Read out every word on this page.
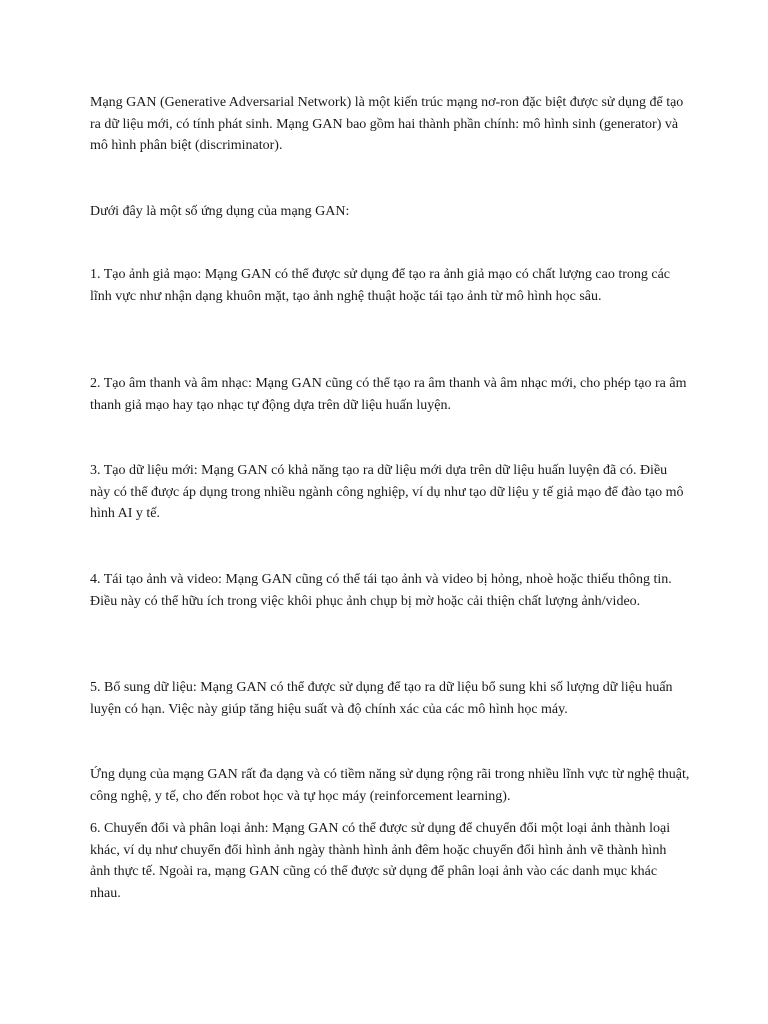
Mạng GAN (Generative Adversarial Network) là một kiến trúc mạng nơ-ron đặc biệt được sử dụng để tạo ra dữ liệu mới, có tính phát sinh. Mạng GAN bao gồm hai thành phần chính: mô hình sinh (generator) và mô hình phân biệt (discriminator).

Dưới đây là một số ứng dụng của mạng GAN:

1. Tạo ảnh giả mạo: Mạng GAN có thể được sử dụng để tạo ra ảnh giả mạo có chất lượng cao trong các lĩnh vực như nhận dạng khuôn mặt, tạo ảnh nghệ thuật hoặc tái tạo ảnh từ mô hình học sâu.

2. Tạo âm thanh và âm nhạc: Mạng GAN cũng có thể tạo ra âm thanh và âm nhạc mới, cho phép tạo ra âm thanh giả mạo hay tạo nhạc tự động dựa trên dữ liệu huấn luyện.

3. Tạo dữ liệu mới: Mạng GAN có khả năng tạo ra dữ liệu mới dựa trên dữ liệu huấn luyện đã có. Điều này có thể được áp dụng trong nhiều ngành công nghiệp, ví dụ như tạo dữ liệu y tế giả mạo để đào tạo mô hình AI y tế.

4. Tái tạo ảnh và video: Mạng GAN cũng có thể tái tạo ảnh và video bị hỏng, nhoè hoặc thiếu thông tin. Điều này có thể hữu ích trong việc khôi phục ảnh chụp bị mờ hoặc cải thiện chất lượng ảnh/video.

5. Bổ sung dữ liệu: Mạng GAN có thể được sử dụng để tạo ra dữ liệu bổ sung khi số lượng dữ liệu huấn luyện có hạn. Việc này giúp tăng hiệu suất và độ chính xác của các mô hình học máy.

Ứng dụng của mạng GAN rất đa dạng và có tiềm năng sử dụng rộng rãi trong nhiều lĩnh vực từ nghệ thuật, công nghệ, y tế, cho đến robot học và tự học máy (reinforcement learning).

6. Chuyển đổi và phân loại ảnh: Mạng GAN có thể được sử dụng để chuyển đổi một loại ảnh thành loại khác, ví dụ như chuyển đổi hình ảnh ngày thành hình ảnh đêm hoặc chuyển đổi hình ảnh vẽ thành hình ảnh thực tế. Ngoài ra, mạng GAN cũng có thể được sử dụng để phân loại ảnh vào các danh mục khác nhau.
